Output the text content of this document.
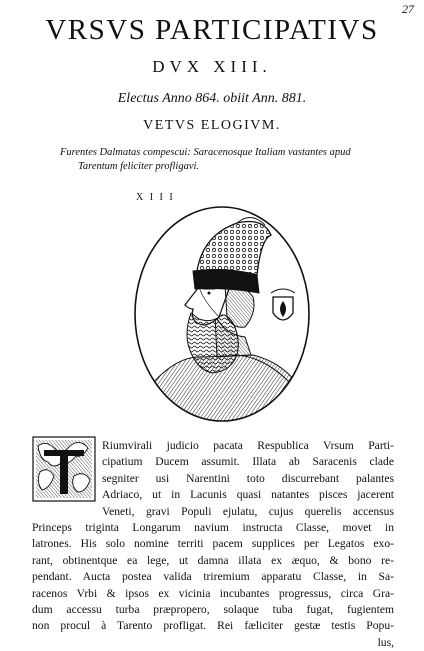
27
VRSVS PARTICIPATIVS
DVX XIII.
Electus Anno 864. obiit Ann. 881.
VETVS ELOGIVM.
Furentes Dalmatas compescui: Saracenosque Italiam vastantes apud
Tarentum feliciter profligavi.
X I I I
Riumvirali judicio pacata Respublica Vrsum Parti-
cipatium Ducem assumit. Illata ab Saracenis clade
segniter usi Narentini toto discurrebant palantes
Adriaco, ut in Lacunis quasi natantes pisces jacerent
Veneti, gravi Populi ejulatu, cujus querelis accensus
Princeps triginta Longarum navium instructa Classe, movet in
latrones. His solo nomine territi pacem supplices per Legatos exo-
rant, obtinentque ea lege, ut damna illata ex æquo, & bono re-
pendant. Aucta postea valida triremium apparatu Classe, in Sa-
racenos Vrbi & ipsos ex vicinia incubantes progressus, circa Gra-
dum accessu turba præpropero, solaque tuba fugat, fugientem
non procul à Tarento profligat. Rei fæliciter gestæ testis Popu-
lus,
